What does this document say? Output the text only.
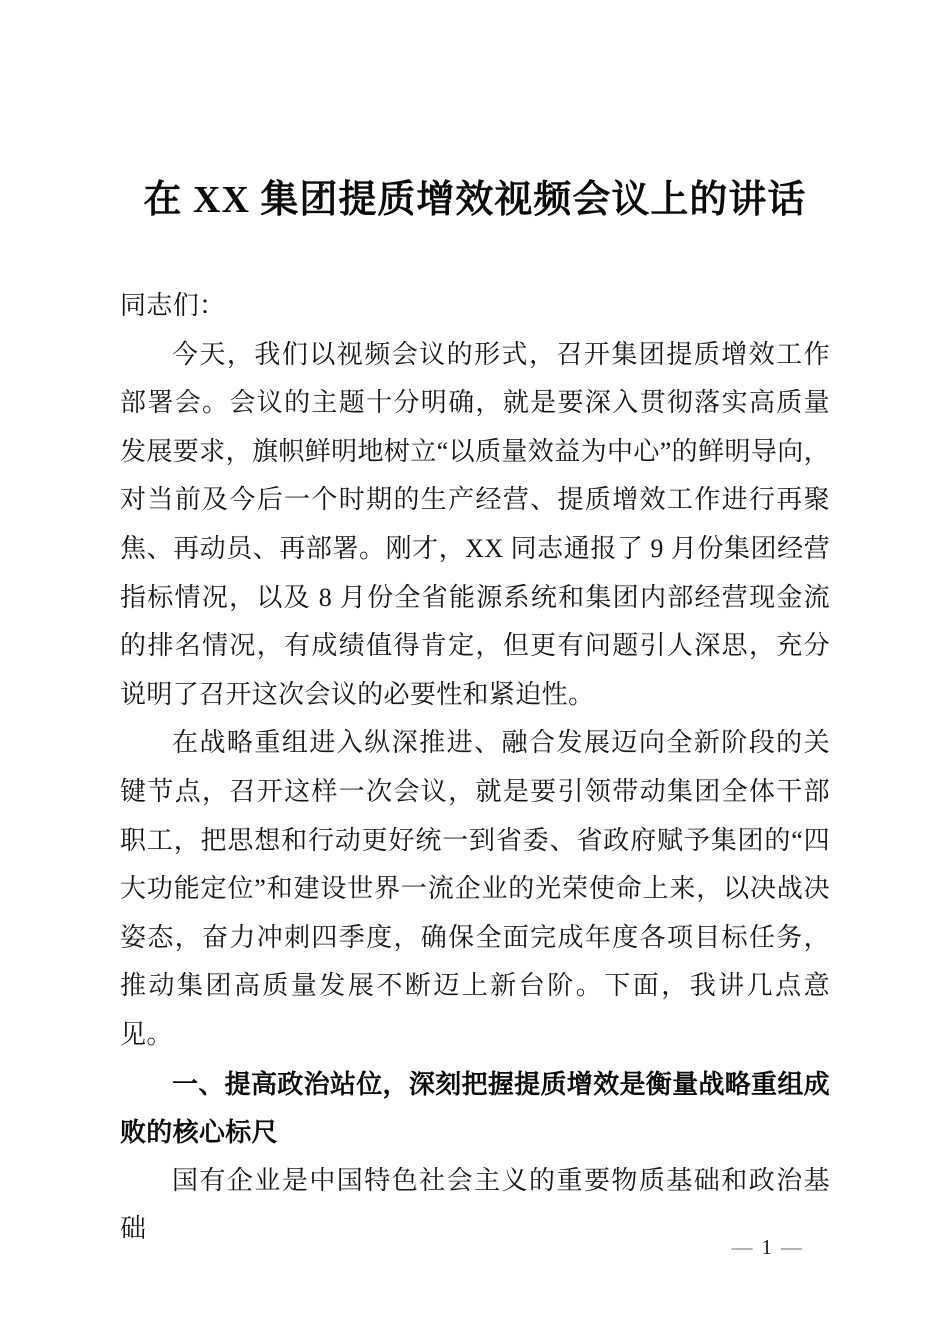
在 XX 集团提质增效视频会议上的讲话

同志们：

今天，我们以视频会议的形式，召开集团提质增效工作部署会。会议的主题十分明确，就是要深入贯彻落实高质量发展要求，旗帜鲜明地树立“以质量效益为中心”的鲜明导向，对当前及今后一个时期的生产经营、提质增效工作进行再聚焦、再动员、再部署。刚才，XX 同志通报了 9 月份集团经营指标情况，以及 8 月份全省能源系统和集团内部经营现金流的排名情况，有成绩值得肯定，但更有问题引人深思，充分说明了召开这次会议的必要性和紧迫性。

在战略重组进入纵深推进、融合发展迈向全新阶段的关键节点，召开这样一次会议，就是要引领带动集团全体干部职工，把思想和行动更好统一到省委、省政府赋予集团的“四大功能定位”和建设世界一流企业的光荣使命上来，以决战决姿态，奋力冲刺四季度，确保全面完成年度各项目标任务，推动集团高质量发展不断迈上新台阶。下面，我讲几点意见。

一、提高政治站位，深刻把握提质增效是衡量战略重组成败的核心标尺

国有企业是中国特色社会主义的重要物质基础和政治基础

— 1 —
